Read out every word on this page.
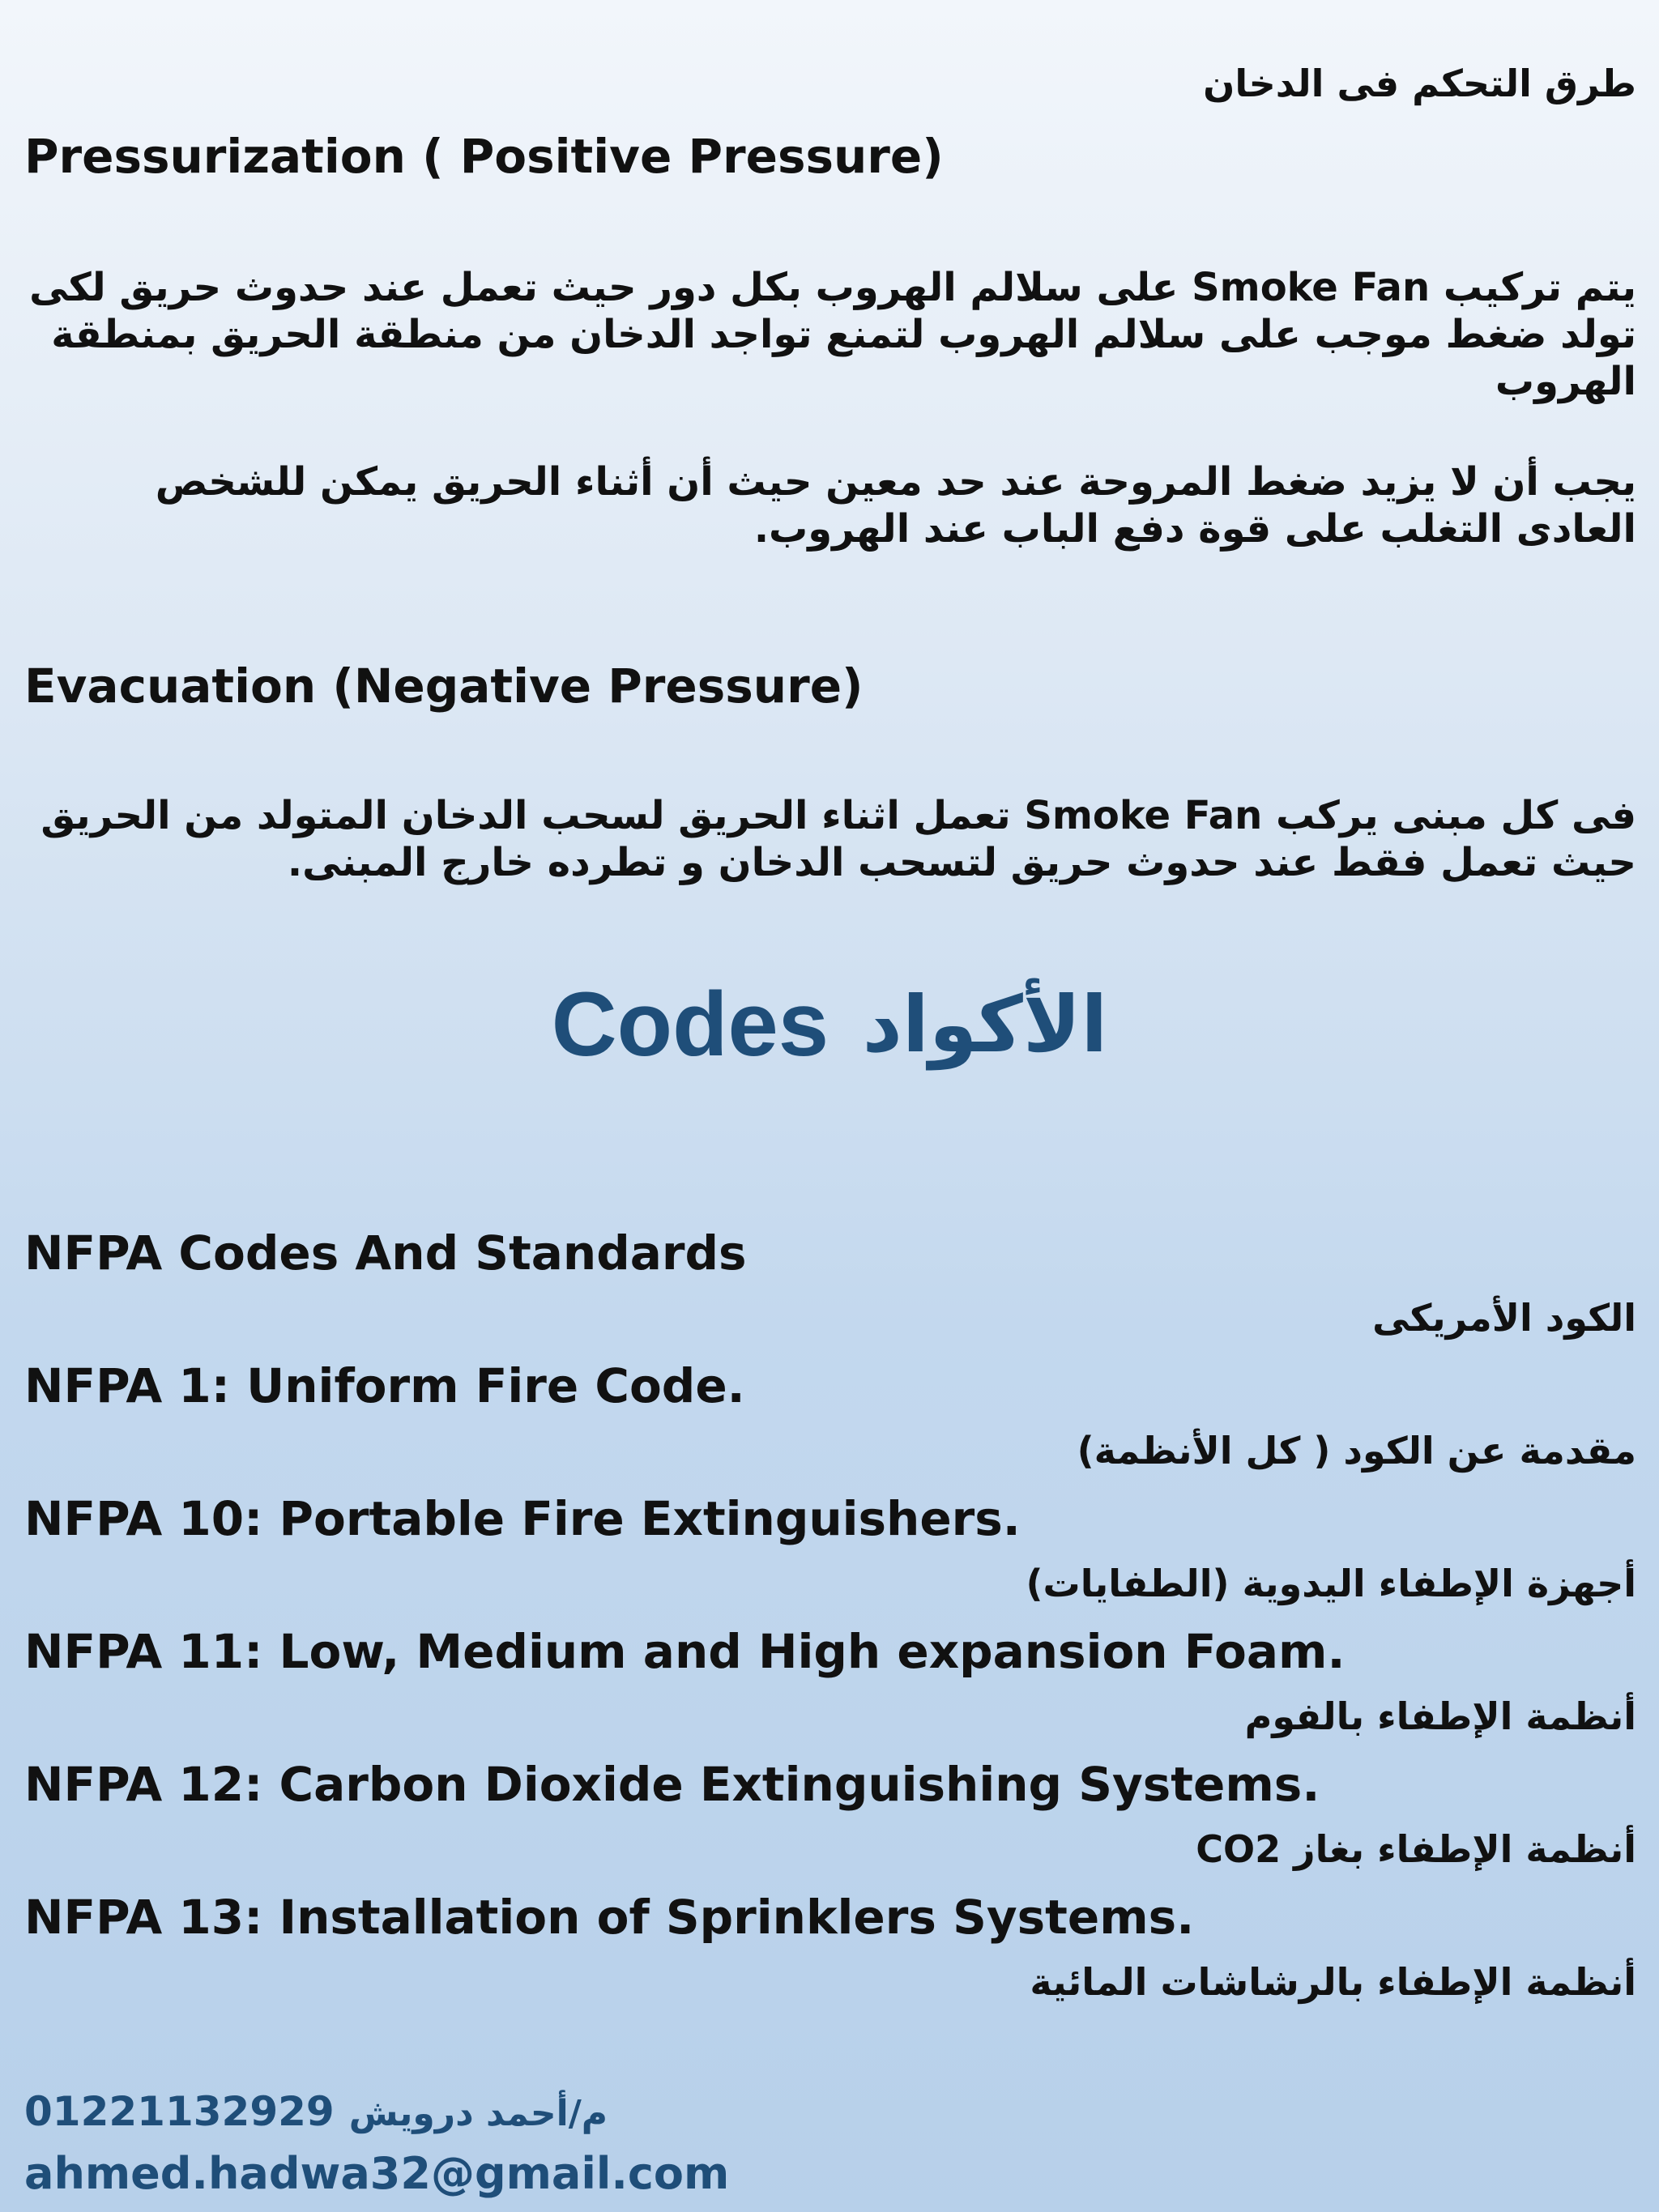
طرق التحكم فى الدخان
Pressurization ( Positive Pressure)
يتم تركيب Smoke Fan على سلالم الهروب بكل دور حيث تعمل عند حدوث حريق لكى تولد ضغط موجب على سلالم الهروب لتمنع تواجد الدخان من منطقة الحريق بمنطقة الهروب
يجب أن لا يزيد ضغط المروحة عند حد معين حيث أن أثناء الحريق يمكن للشخص العادى التغلب على قوة دفع الباب عند الهروب.
Evacuation (Negative Pressure)
فى كل مبنى يركب Smoke Fan تعمل اثناء الحريق لسحب الدخان المتولد من الحريق حيث تعمل فقط عند حدوث حريق لتسحب الدخان و تطرده خارج المبنى.
Codes الأكواد
NFPA Codes And Standards
الكود الأمريكى
NFPA 1: Uniform Fire Code.
مقدمة عن الكود ( كل الأنظمة)
NFPA 10: Portable Fire Extinguishers.
أجهزة الإطفاء اليدوية (الطفايات)
NFPA 11: Low, Medium and High expansion Foam.
أنظمة الإطفاء بالفوم
NFPA 12: Carbon Dioxide Extinguishing Systems.
أنظمة الإطفاء بغاز CO2
NFPA 13: Installation of Sprinklers Systems.
أنظمة الإطفاء بالرشاشات المائية
01221132929 م/أحمد درويش
ahmed.hadwa32@gmail.com
